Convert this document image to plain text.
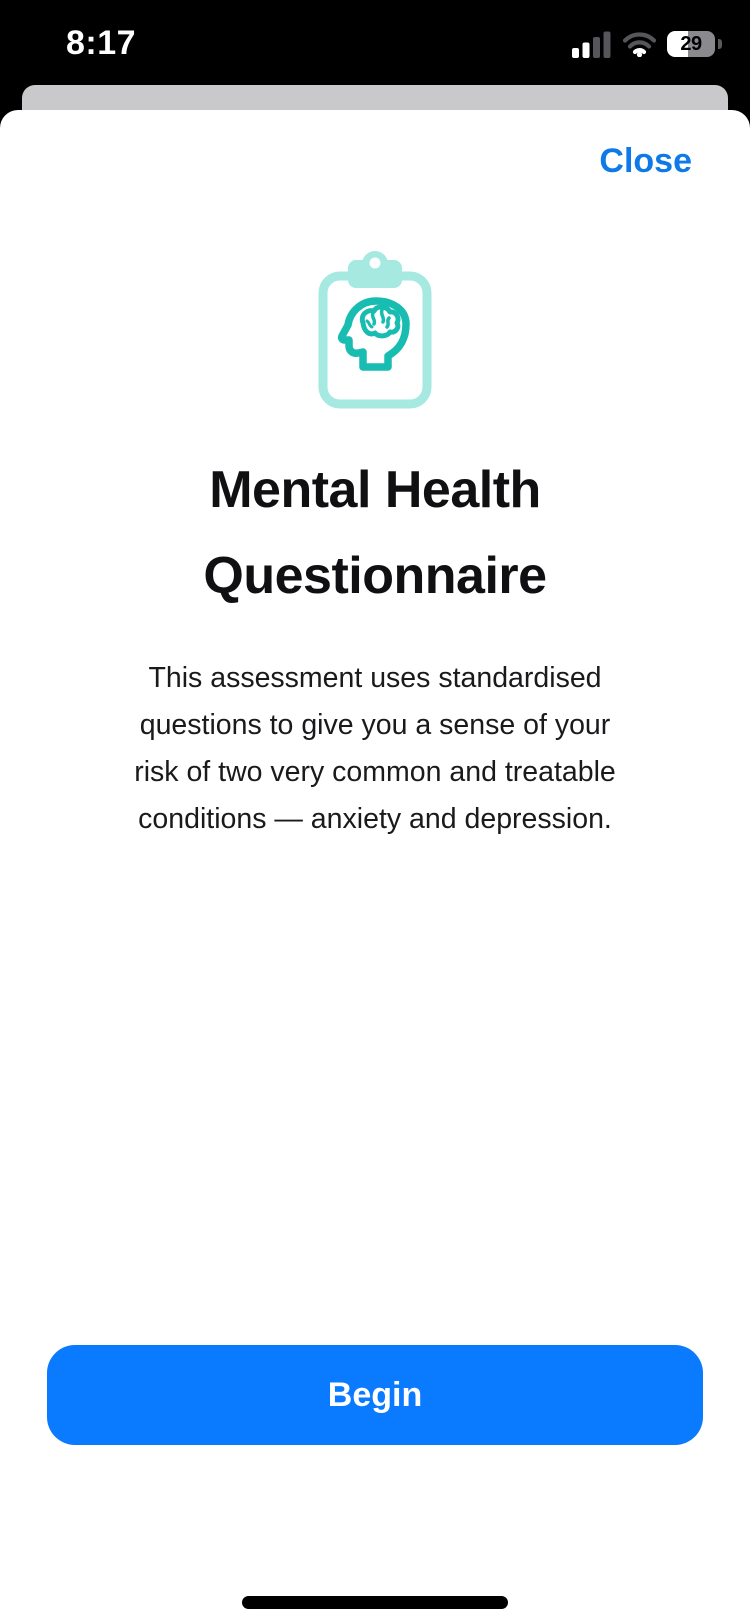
8:17	29
Close
Mental Health
Questionnaire

This assessment uses standardised
questions to give you a sense of your
risk of two very common and treatable
conditions — anxiety and depression.

Begin
